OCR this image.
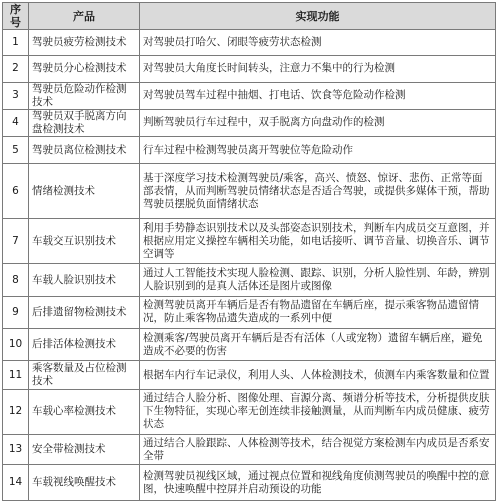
序号	产品	实现功能
1	驾驶员疲劳检测技术	对驾驶员打哈欠、闭眼等疲劳状态检测
2	驾驶员分心检测技术	对驾驶员大角度长时间转头，注意力不集中的行为检测
3	驾驶员危险动作检测技术	对驾驶员驾车过程中抽烟、打电话、饮食等危险动作检测
4	驾驶员双手脱离方向盘检测技术	判断驾驶员行车过程中，双手脱离方向盘动作的检测
5	驾驶员离位检测技术	行车过程中检测驾驶员离开驾驶位等危险动作
6	情绪检测技术	基于深度学习技术检测驾驶员/乘客，高兴、愤怒、惊讶、悲伤、正常等面部表情，从而判断驾驶员情绪状态是否适合驾驶，或提供多媒体干预，帮助驾驶员摆脱负面情绪状态
7	车载交互识别技术	利用手势静态识别技术以及头部姿态识别技术，判断车内成员交互意图，并根据应用定义操控车辆相关功能，如电话接听、调节音量、切换音乐、调节空调等
8	车载人脸识别技术	通过人工智能技术实现人脸检测、跟踪、识别，分析人脸性别、年龄，辨别人脸识别到的是真人活体还是图片或图像
9	后排遗留物检测技术	检测驾驶员离开车辆后是否有物品遗留在车辆后座，提示乘客物品遗留情况，防止乘客物品遗失造成的一系列中便
10	后排活体检测技术	检测乘客/驾驶员离开车辆后是否有活体（人或宠物）遗留车辆后座，避免造成不必要的伤害
11	乘客数量及占位检测技术	根据车内行车记录仪，利用人头、人体检测技术，侦测车内乘客数量和位置
12	车载心率检测技术	通过结合人脸分析、图像处理、盲源分离、频谱分析等技术，分析提供皮肤下生物特征，实现心率无创连续非接触测量，从而判断车内成员健康、疲劳状态
13	安全带检测技术	通过结合人脸跟踪、人体检测等技术，结合视觉方案检测车内成员是否系安全带
14	车载视线唤醒技术	检测驾驶员视线区域，通过视点位置和视线角度侦测驾驶员的唤醒中控的意图，快速唤醒中控屏并启动预设的功能
